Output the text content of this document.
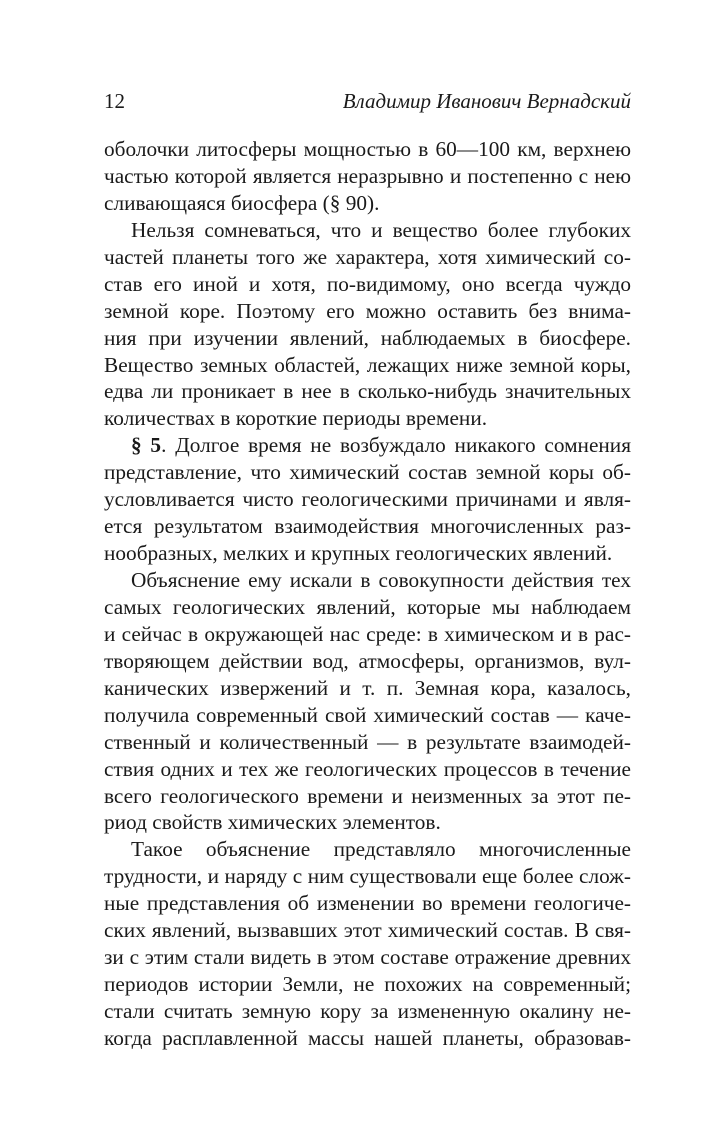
12	Владимир Иванович Вернадский
оболочки литосферы мощностью в 60—100 км, верхнею
частью которой является неразрывно и постепенно с нею
сливающаяся биосфера (§ 90).
Нельзя сомневаться, что и вещество более глубоких
частей планеты того же характера, хотя химический со-
став его иной и хотя, по-видимому, оно всегда чуждо
земной коре. Поэтому его можно оставить без внима-
ния при изучении явлений, наблюдаемых в биосфере.
Вещество земных областей, лежащих ниже земной коры,
едва ли проникает в нее в сколько-нибудь значительных
количествах в короткие периоды времени.
§ 5. Долгое время не возбуждало никакого сомнения
представление, что химический состав земной коры об-
условливается чисто геологическими причинами и явля-
ется результатом взаимодействия многочисленных раз-
нообразных, мелких и крупных геологических явлений.
Объяснение ему искали в совокупности действия тех
самых геологических явлений, которые мы наблюдаем
и сейчас в окружающей нас среде: в химическом и в рас-
творяющем действии вод, атмосферы, организмов, вул-
канических извержений и т. п. Земная кора, казалось,
получила современный свой химический состав — каче-
ственный и количественный — в результате взаимодей-
ствия одних и тех же геологических процессов в течение
всего геологического времени и неизменных за этот пе-
риод свойств химических элементов.
Такое объяснение представляло многочисленные
трудности, и наряду с ним существовали еще более слож-
ные представления об изменении во времени геологиче-
ских явлений, вызвавших этот химический состав. В свя-
зи с этим стали видеть в этом составе отражение древних
периодов истории Земли, не похожих на современный;
стали считать земную кору за измененную окалину не-
когда расплавленной массы нашей планеты, образовав-
